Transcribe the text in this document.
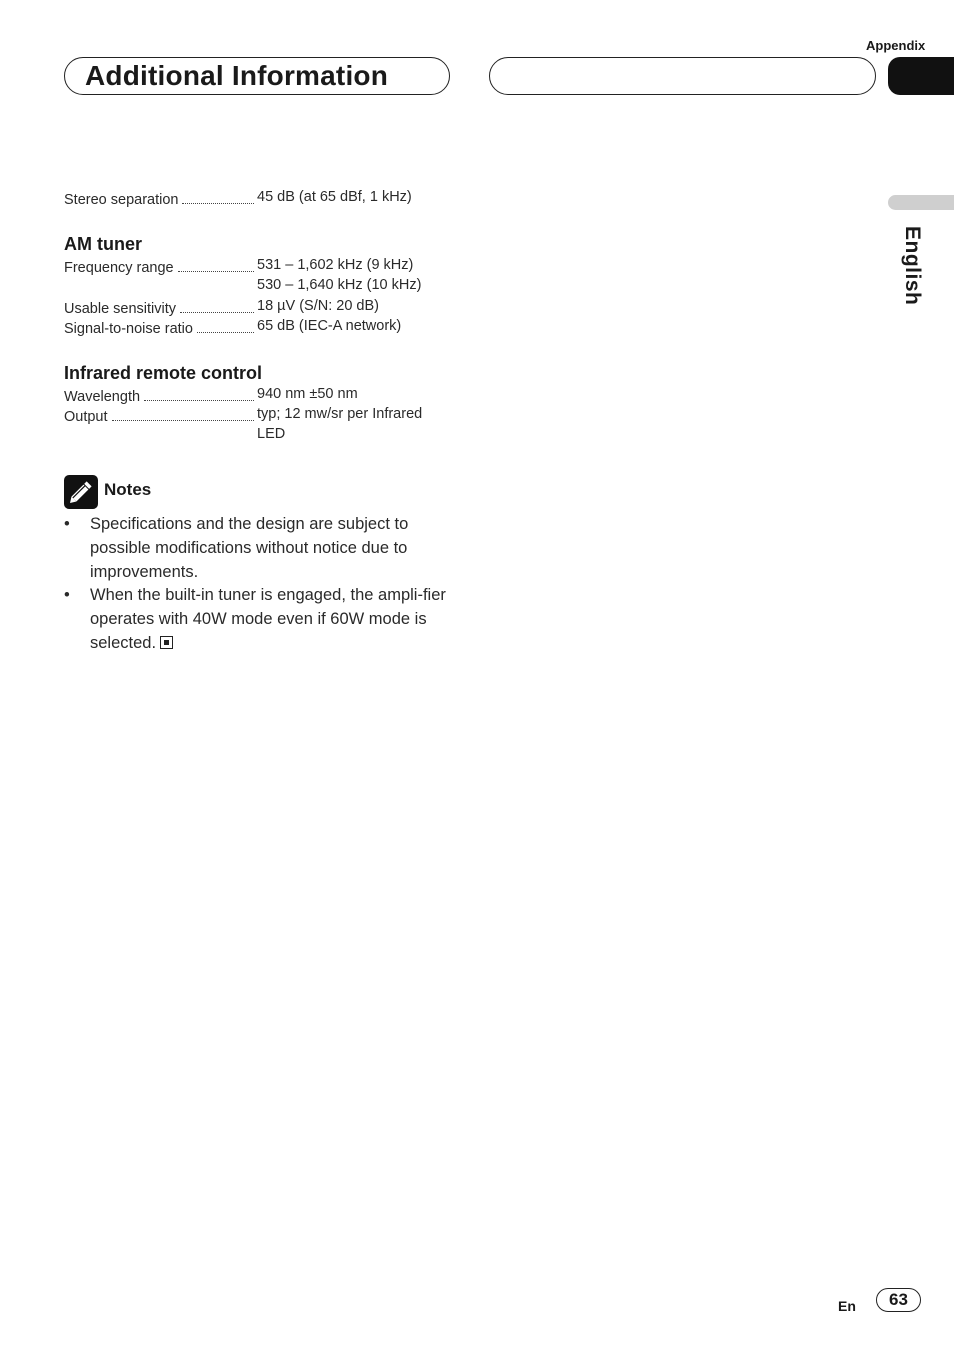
Appendix
Additional Information
English
Stereo separation	45 dB (at 65 dBf, 1 kHz)
AM tuner
Frequency range	531 – 1,602 kHz (9 kHz)
530 – 1,640 kHz (10 kHz)
Usable sensitivity	18 µV (S/N: 20 dB)
Signal-to-noise ratio	65 dB (IEC-A network)
Infrared remote control
Wavelength	940 nm ±50 nm
Output	typ; 12 mw/sr per Infrared
LED
Notes
• Specifications and the design are subject to possible modifications without notice due to improvements.
• When the built-in tuner is engaged, the ampli-fier operates with 40W mode even if 60W mode is selected.
En 63
